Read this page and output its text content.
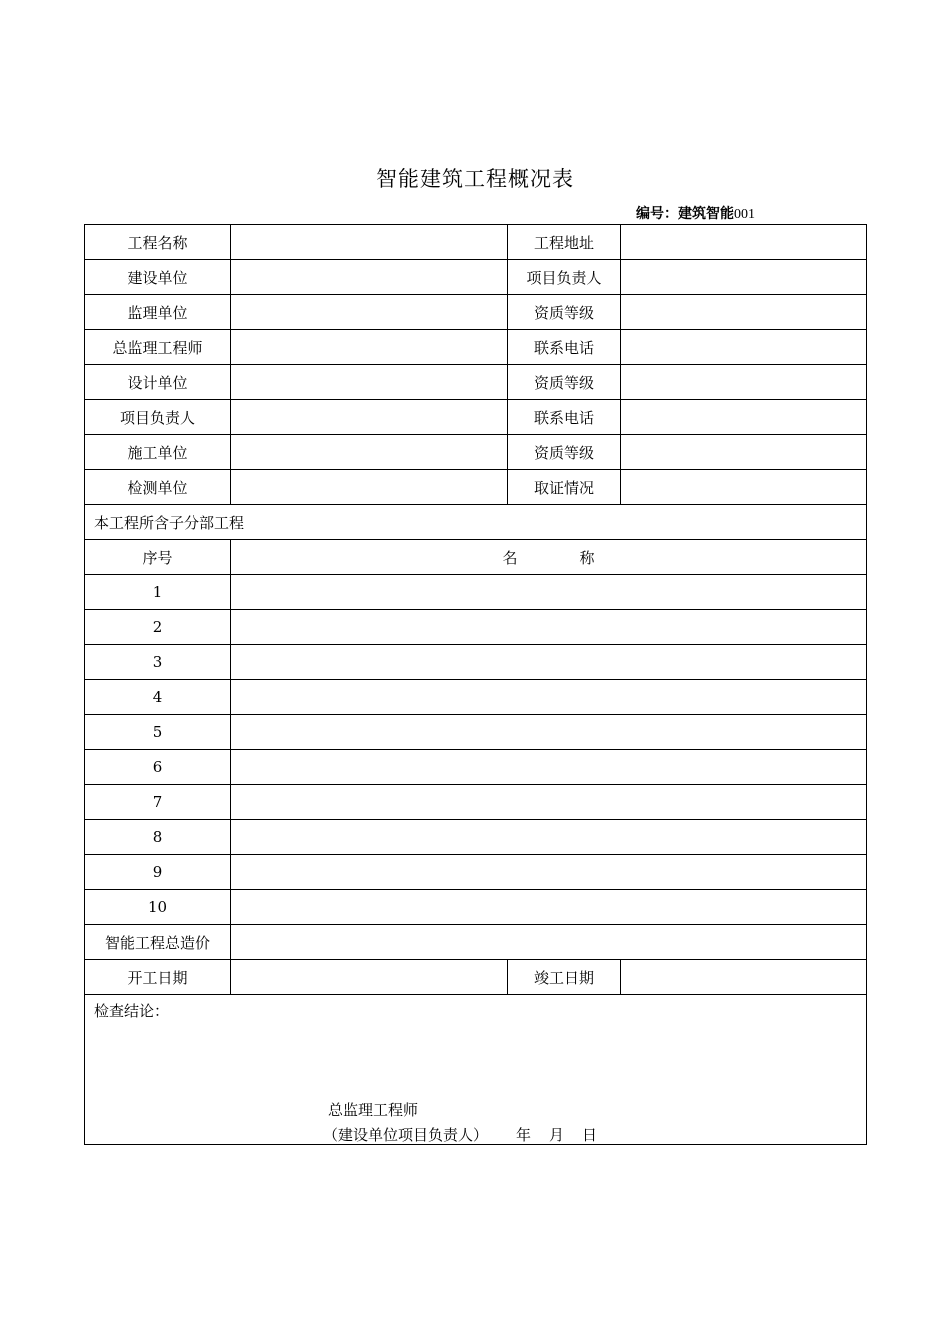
智能建筑工程概况表
编号：建筑智能001
工程名称		工程地址	
建设单位		项目负责人	
监理单位		资质等级	
总监理工程师		联系电话	
设计单位		资质等级	
项目负责人		联系电话	
施工单位		资质等级	
检测单位		取证情况	
本工程所含子分部工程			
序号	名 称		
1			
2			
3			
4			
5			
6			
7			
8			
9			
10			
智能工程总造价			
开工日期		竣工日期	

检查结论：
总监理工程师
（建设单位项目负责人） 年 月 日			
